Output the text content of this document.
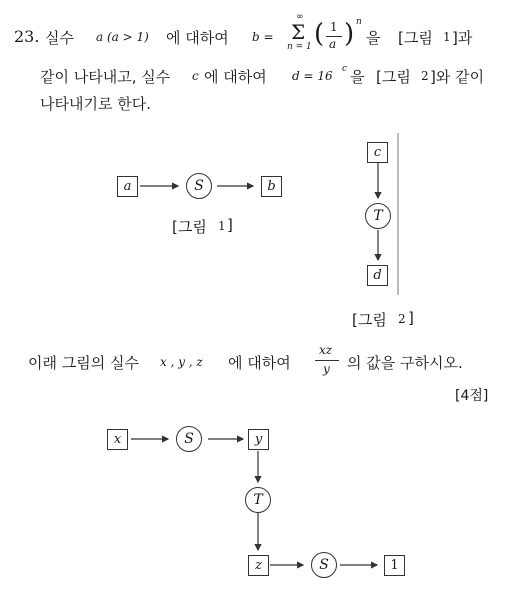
23. 실수 a (a > 1) 에 대하여 b =
∞
Σ
n = 1 ( 1
a ) n
을 [그림 1 ]과
같이 나타내고, 실수 c 에 대하여 d = 16 c 을 [그림 2 ]와 같이
나타내기로 한다.
a	S	b
[그림 1 ]
c
T
d
[그림 2 ]
이래 그림의 실수 x , y , z 에 대하여
xz
y 의 값을 구하시오.
[4점]
x	S	y
T
z	S	1
